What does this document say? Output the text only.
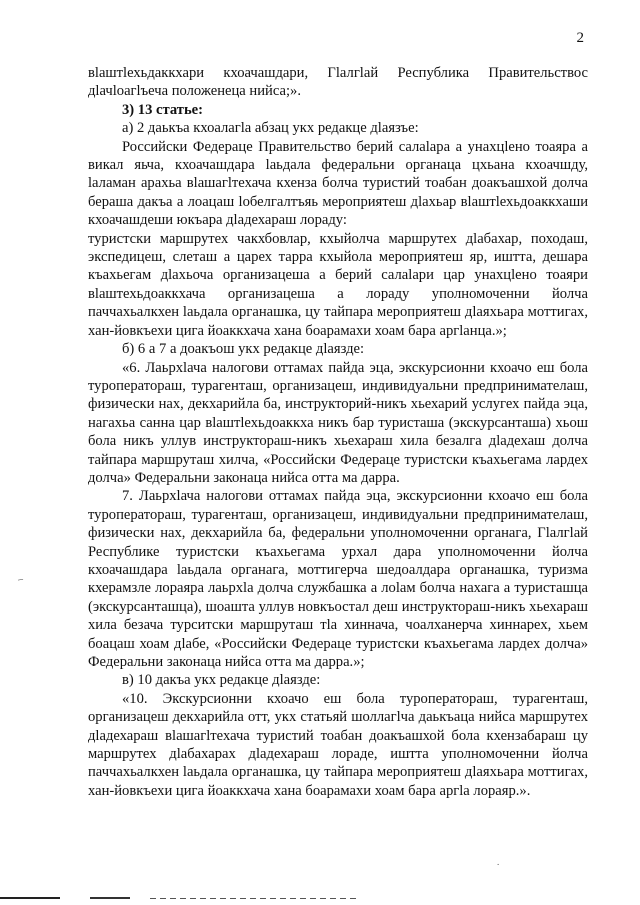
2

вlаштlехьдаккхари кхоачашдари, Гlалгlай Республика Правительствос дlачlоагlъеча положенеца нийса;».

3) 13 статье:

а) 2 даькъа кхоалагlа абзац укх редакце дlаязъе:

Российски Федераце Правительство берий салаlара а унахцlено тоаяра а викал яьча, кхоачашдара lаьдала федеральни органаца цхьана кхоачшду, lаламан арахьа вlашагlтехача кхенза болча туристий тоабан доакъашхой долча бераша дакъа а лоацаш lобелгалтъяь мероприятеш дlахьар вlаштlехьдоаккхаши кхоачашдеши юкъара дlадехараш лораду:

туристски маршрутех чакхбовлар, кхыйолча маршрутех дlабахар, походаш, экспедицеш, слеташ а царех тарра кхыйола мероприятеш яр, иштта, дешара къахьегам дlахьоча организацеша а берий салаlари цар унахцlено тоаяри вlаштехьдоаккхача организацеша а лораду уполномоченни йолча паччахьалкхен lаьдала органашка, цу тайпара мероприятеш дlаяхьара моттигах, хан-йовкъехи цига йоаккхача хана боарамахи хоам бара аргlанца.»;

б) 6 а 7 а доакъош укх редакце дlаязде:

«6. Лаьрхlача налогови оттамах пайда эца, экскурсионни кхоачо еш бола туроператораш, турагенташ, организацеш, индивидуальни предпринимателаш, физически нах, декхарийла ба, инструкторий-никъ хьехарий услугех пайда эца, нагахьа санна цар вlаштlехьдоаккха никъ бар туристаша (экскурсанташа) хьош бола никъ уллув инструктораш-никъ хьехараш хила безалга дlадехаш долча тайпара маршруташ хилча, «Российски Федераце туристски къахьегама лардех долча» Федеральни законаца нийса отта ма дарра.

7. Лаьрхlача налогови оттамах пайда эца, экскурсионни кхоачо еш бола туроператораш, турагенташ, организацеш, индивидуальни предпринимателаш, физически нах, декхарийла ба, федеральни уполномоченни органага, Гlалгlай Республике туристски къахьегама урхал дара уполномоченни йолча кхоачашдара lаьдала органага, моттигерча шедоалдара органашка, туризма кхерамзле лораяра лаьрхlа долча службашка а лоlам болча нахага а туристашца (экскурсанташца), шоашта уллув новкъостал деш инструктораш-никъ хьехараш хила безача турситски маршруташ тlа хиннача, чоалханерча хиннарех, хьем боацаш хоам дlабе, «Российски Федераце туристски къахьегама лардех долча» Федеральни законаца нийса отта ма дарра.»;

в) 10 дакъа укх редакце дlаязде:

«10. Экскурсионни кхоачо еш бола туроператораш, турагенташ, организацеш декхарийла отт, укх статьяй шоллагlча даькъаца нийса маршрутех дlадехараш вlашагlтехача туристий тоабан доакъашхой бола кхензабараш цу маршрутех дlабахарах дlадехараш лораде, иштта уполномоченни йолча паччахьалкхен lаьдала органашка, цу тайпара мероприятеш дlаяхьара моттигах, хан-йовкъехи цига йоаккхача хана боарамахи хоам бара аргlа лораяр.».

–
.
